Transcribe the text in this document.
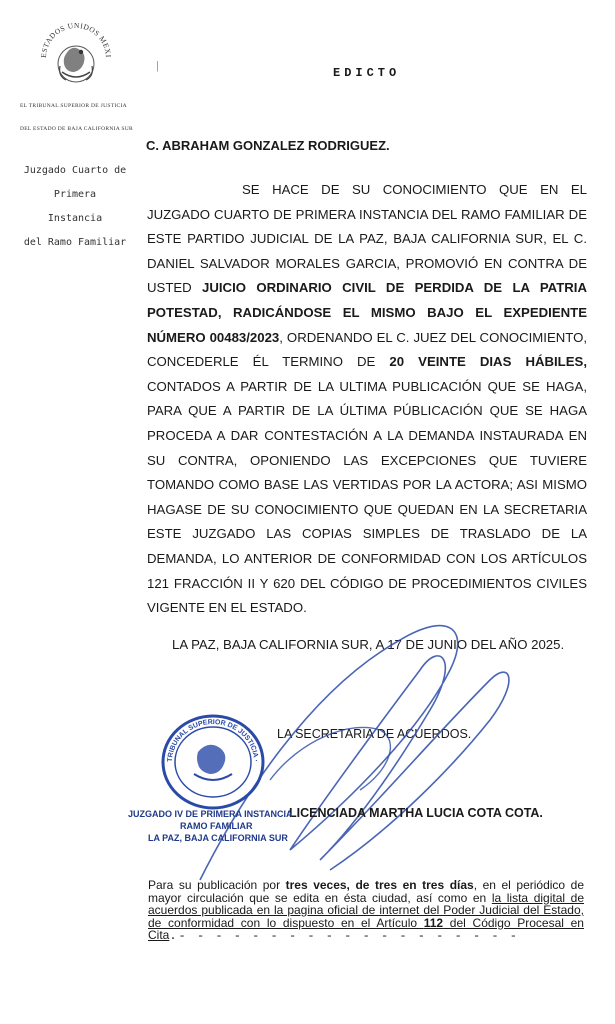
ESTADOS UNIDOS MEXI
EL TRIBUNAL SUPERIOR DE JUSTICIA
DEL ESTADO DE BAJA CALIFORNIA SUR
|	EDICTO
Juzgado Cuarto de
Primera
Instancia
del Ramo Familiar
C. ABRAHAM GONZALEZ RODRIGUEZ.

SE HACE DE SU CONOCIMIENTO QUE EN EL JUZGADO CUARTO DE PRIMERA INSTANCIA DEL RAMO FAMILIAR DE ESTE PARTIDO JUDICIAL DE LA PAZ, BAJA CALIFORNIA SUR, EL C. DANIEL SALVADOR MORALES GARCIA, PROMOVIÓ EN CONTRA DE USTED JUICIO ORDINARIO CIVIL DE PERDIDA DE LA PATRIA POTESTAD, RADICÁNDOSE EL MISMO BAJO EL EXPEDIENTE NÚMERO 00483/2023, ORDENANDO EL C. JUEZ DEL CONOCIMIENTO, CONCEDERLE ÉL TERMINO DE 20 VEINTE DIAS HÁBILES, CONTADOS A PARTIR DE LA ULTIMA PUBLICACIÓN QUE SE HAGA, PARA QUE A PARTIR DE LA ÚLTIMA PÚBLICACIÓN QUE SE HAGA PROCEDA A DAR CONTESTACIÓN A LA DEMANDA INSTAURADA EN SU CONTRA, OPONIENDO LAS EXCEPCIONES QUE TUVIERE TOMANDO COMO BASE LAS VERTIDAS POR LA ACTORA; ASI MISMO HAGASE DE SU CONOCIMIENTO QUE QUEDAN EN LA SECRETARIA ESTE JUZGADO LAS COPIAS SIMPLES DE TRASLADO DE LA DEMANDA, LO ANTERIOR DE CONFORMIDAD CON LOS ARTÍCULOS 121 FRACCIÓN II Y 620 DEL CÓDIGO DE PROCEDIMIENTOS CIVILES VIGENTE EN EL ESTADO.

LA PAZ, BAJA CALIFORNIA SUR, A 17 DE JUNIO DEL AÑO 2025.
LA SECRETARIA DE ACUERDOS.
TRIBUNAL SUPERIOR DE JUSTICIA ·
LICENCIADA MARTHA LUCIA COTA COTA.
JUZGADO IV DE PRIMERA INSTANCIA
RAMO FAMILIAR
LA PAZ, BAJA CALIFORNIA SUR
Para su publicación por tres veces, de tres en tres días, en el periódico de mayor circulación que se edita en ésta ciudad, así como en la lista digital de acuerdos publicada en la pagina oficial de internet del Poder Judicial del Estado, de conformidad con lo dispuesto en el Artículo 112 del Código Procesal en Cita.- - - - - - - - - - - - - - - - - - -
